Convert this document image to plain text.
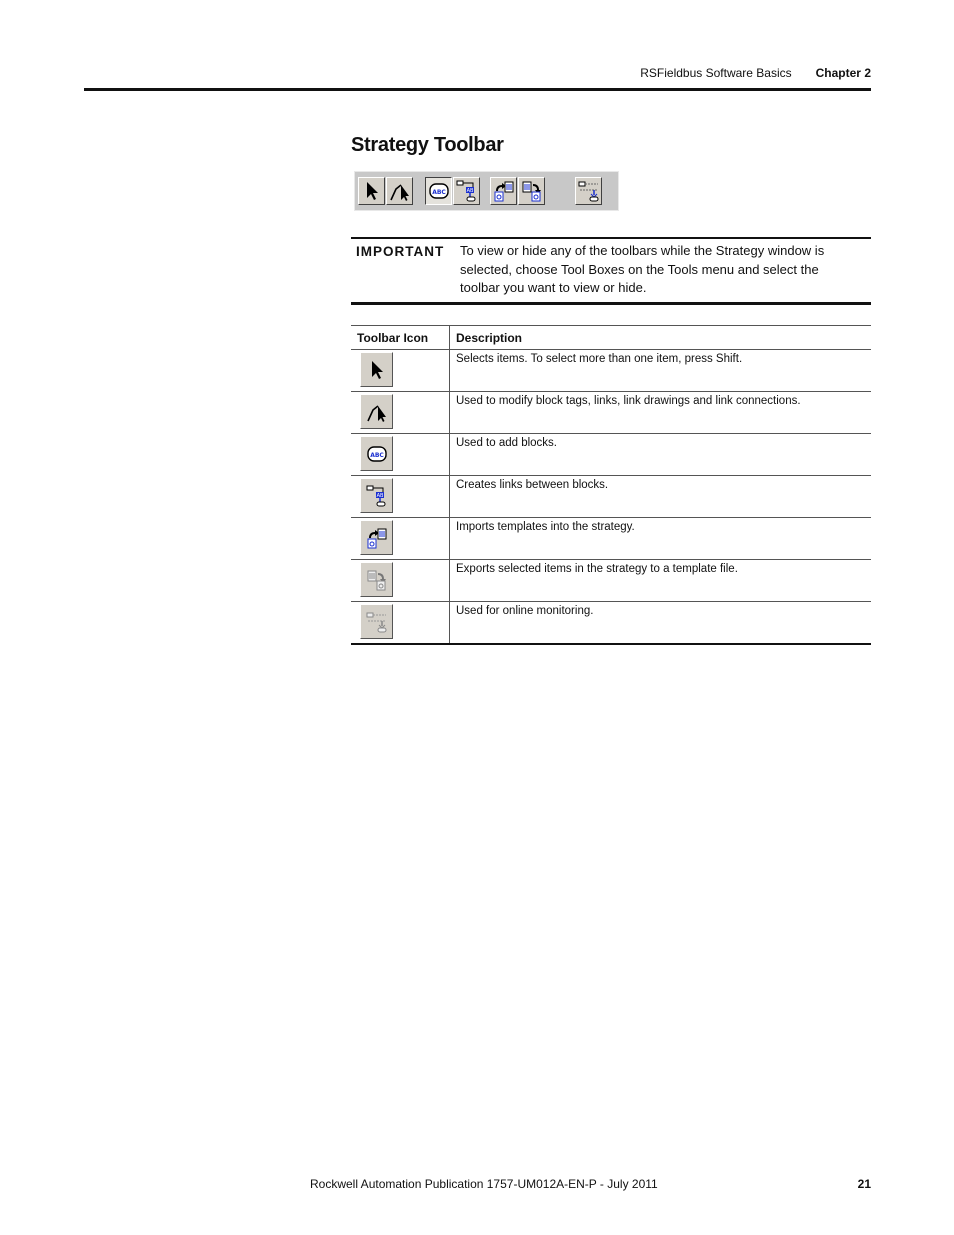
RSFieldbus Software Basics Chapter 2
Strategy Toolbar
ABC	AB
IMPORTANT To view or hide any of the toolbars while the Strategy window is selected, choose Tool Boxes on the Tools menu and select the toolbar you want to view or hide.
Toolbar Icon	Description

	Selects items. To select more than one item, press Shift.

	Used to modify block tags, links, link drawings and link connections.

ABC	Used to add blocks.

AB	Creates links between blocks.

	Imports templates into the strategy.

	Exports selected items in the strategy to a template file.

	Used for online monitoring.
Rockwell Automation Publication 1757-UM012A-EN-P - July 2011	21
